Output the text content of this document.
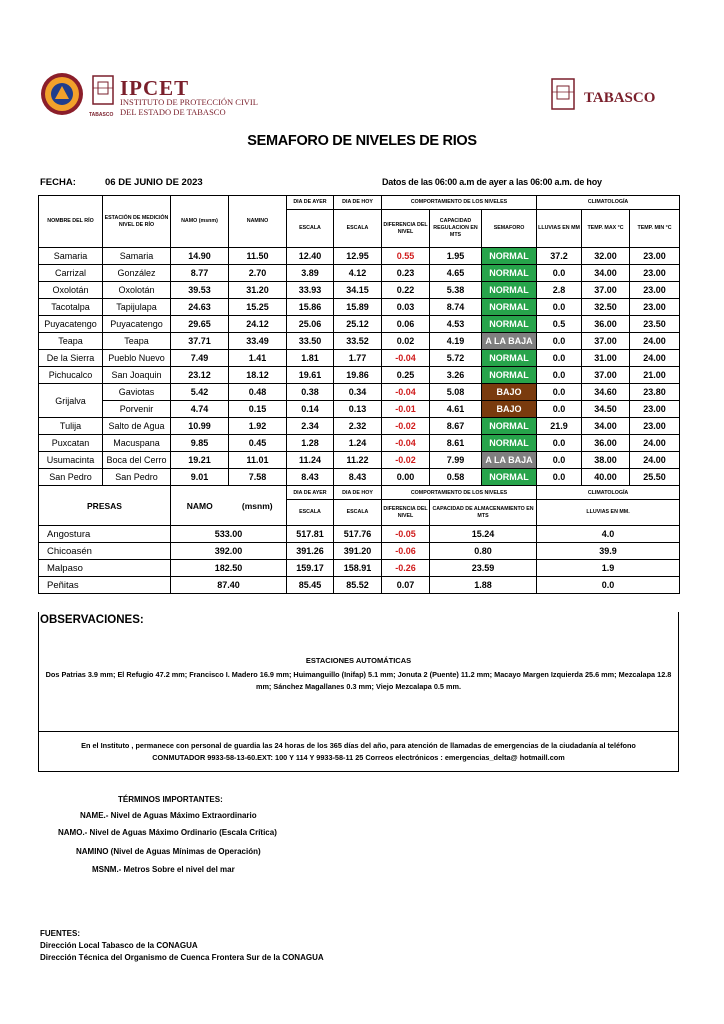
TABASCO
IPCET
INSTITUTO DE PROTECCIÓN CIVIL
DEL ESTADO DE TABASCO
TABASCO
SEMAFORO DE NIVELES DE RIOS
FECHA:	06 DE JUNIO DE 2023	Datos de las 06:00 a.m de ayer a las 06:00 a.m. de hoy
NOMBRE DEL RÍO	ESTACIÓN DE MEDICIÓN NIVEL DE RÍO	NAMO (msnm)	NAMINO	DIA DE AYER	DIA DE HOY	COMPORTAMIENTO DE LOS NIVELES			CLIMATOLOGÍA		
				ESCALA	ESCALA	DIFERENCIA DEL NIVEL	CAPACIDAD REGULACION EN MTS	SEMAFORO	LLUVIAS EN MM	TEMP. MAX °C	TEMP. MIN °C
Samaria	Samaria	14.90	11.50	12.40	12.95	0.55	1.95	NORMAL	37.2	32.00	23.00
Carrizal	González	8.77	2.70	3.89	4.12	0.23	4.65	NORMAL	0.0	34.00	23.00
Oxolotán	Oxolotán	39.53	31.20	33.93	34.15	0.22	5.38	NORMAL	2.8	37.00	23.00
Tacotalpa	Tapijulapa	24.63	15.25	15.86	15.89	0.03	8.74	NORMAL	0.0	32.50	23.00
Puyacatengo	Puyacatengo	29.65	24.12	25.06	25.12	0.06	4.53	NORMAL	0.5	36.00	23.50
Teapa	Teapa	37.71	33.49	33.50	33.52	0.02	4.19	A LA BAJA	0.0	37.00	24.00
De la Sierra	Pueblo Nuevo	7.49	1.41	1.81	1.77	-0.04	5.72	NORMAL	0.0	31.00	24.00
Pichucalco	San Joaquin	23.12	18.12	19.61	19.86	0.25	3.26	NORMAL	0.0	37.00	21.00
Grijalva	Gaviotas	5.42	0.48	0.38	0.34	-0.04	5.08	BAJO	0.0	34.60	23.80
	Porvenir	4.74	0.15	0.14	0.13	-0.01	4.61	BAJO	0.0	34.50	23.00
Tulija	Salto de Agua	10.99	1.92	2.34	2.32	-0.02	8.67	NORMAL	21.9	34.00	23.00
Puxcatan	Macuspana	9.85	0.45	1.28	1.24	-0.04	8.61	NORMAL	0.0	36.00	24.00
Usumacinta	Boca del Cerro	19.21	11.01	11.24	11.22	-0.02	7.99	A LA BAJA	0.0	38.00	24.00
San Pedro	San Pedro	9.01	7.58	8.43	8.43	0.00	0.58	NORMAL	0.0	40.00	25.50
PRESAS		NAMO	(msnm)	DIA DE AYER	DIA DE HOY	COMPORTAMIENTO DE LOS NIVELES			CLIMATOLOGÍA		
				ESCALA	ESCALA	DIFERENCIA DEL NIVEL	CAPACIDAD DE ALMACENAMIENTO EN MTS		LLUVIAS EN MM.		
Angostura		533.00		517.81	517.76	-0.05	15.24		4.0		
Chicoasén		392.00		391.26	391.20	-0.06	0.80		39.9		
Malpaso		182.50		159.17	158.91	-0.26	23.59		1.9		
Peñitas		87.40		85.45	85.52	0.07	1.88		0.0		
OBSERVACIONES:
ESTACIONES AUTOMÁTICAS
Dos Patrias 3.9 mm; El Refugio 47.2 mm; Francisco I. Madero 16.9 mm; Huimanguillo (Inifap) 5.1 mm; Jonuta 2 (Puente) 11.2 mm; Macayo Margen Izquierda 25.6 mm; Mezcalapa 12.8 mm; Sánchez Magallanes 0.3 mm; Viejo Mezcalapa 0.5 mm.
En el Instituto , permanece con personal de guardia las 24 horas de los 365 días del año, para atención de llamadas de emergencias de la ciudadanía al teléfono
CONMUTADOR 9933-58-13-60.EXT: 100 Y 114 Y 9933-58-11 25 Correos electrónicos : emergencias_delta@ hotmaill.com
TÉRMINOS IMPORTANTES:
NAME.- Nivel de Aguas Máximo Extraordinario
NAMO.- Nivel de Aguas Máximo Ordinario (Escala Crítica)
NAMINO (Nivel de Aguas Mínimas de Operación)
MSNM.- Metros Sobre el nivel del mar
FUENTES:
Dirección Local Tabasco de la CONAGUA
Dirección Técnica del Organismo de Cuenca Frontera Sur de la CONAGUA
